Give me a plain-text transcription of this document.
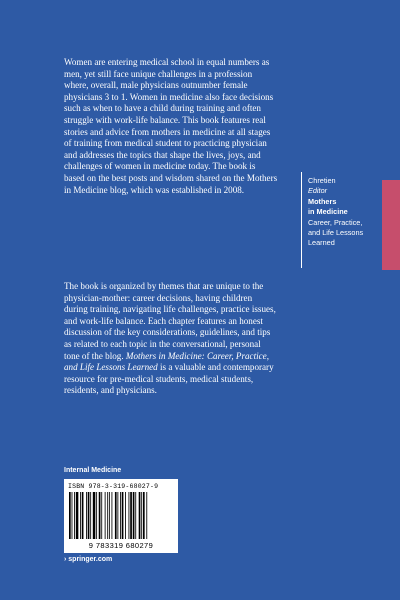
Women are entering medical school in equal numbers as men, yet still face unique challenges in a profession where, overall, male physicians outnumber female physicians 3 to 1. Women in medicine also face decisions such as when to have a child during training and often struggle with work-life balance. This book features real stories and advice from mothers in medicine at all stages of training from medical student to practicing physician and addresses the topics that shape the lives, joys, and challenges of women in medicine today. The book is based on the best posts and wisdom shared on the Mothers in Medicine blog, which was established in 2008.

The book is organized by themes that are unique to the physician-mother: career decisions, having children during training, navigating life challenges, practice issues, and work-life balance. Each chapter features an honest discussion of the key considerations, guidelines, and tips as related to each topic in the conversational, personal tone of the blog. Mothers in Medicine: Career, Practice, and Life Lessons Learned is a valuable and contemporary resource for pre-medical students, medical students, residents, and physicians.

Chretien
Editor
Mothers
in Medicine
Career, Practice,
and Life Lessons
Learned
Internal Medicine
ISBN 978-3-319-68027-9
9 783319 680279
› springer.com
